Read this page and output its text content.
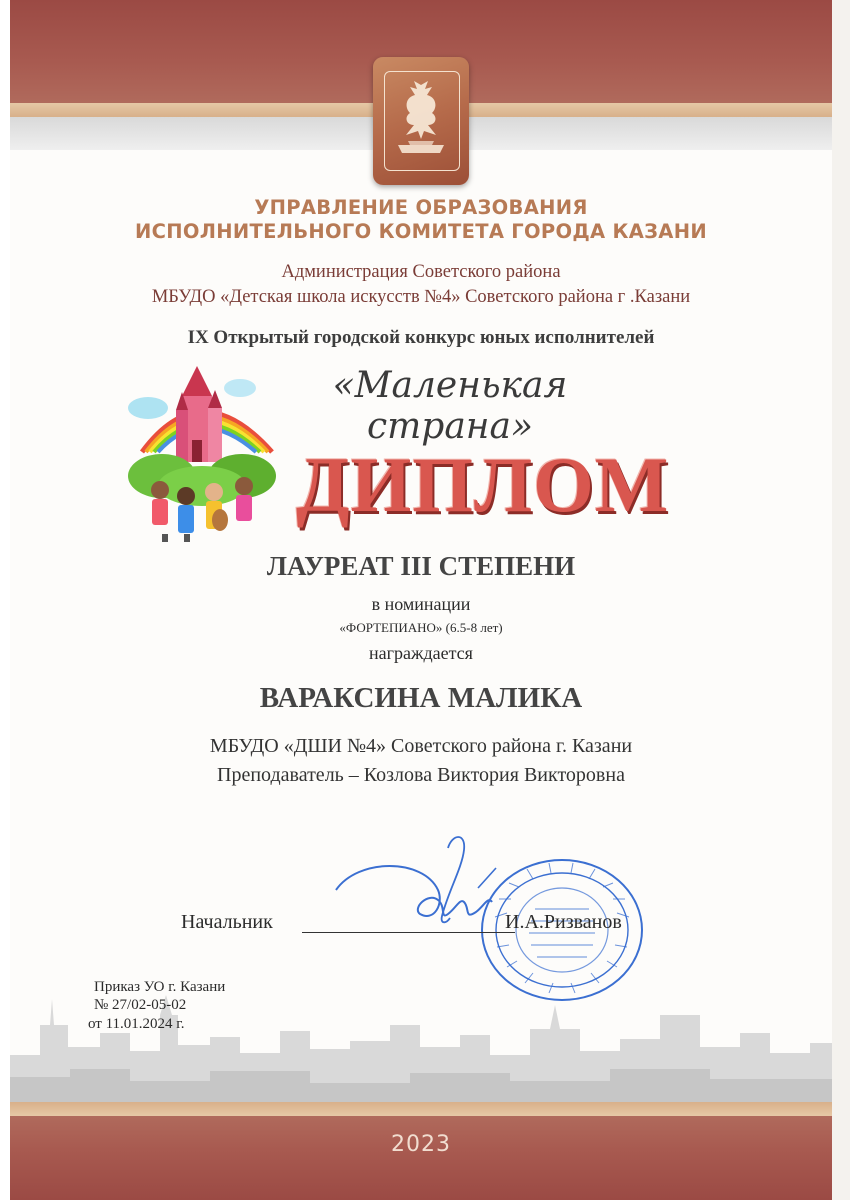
УПРАВЛЕНИЕ ОБРАЗОВАНИЯ
ИСПОЛНИТЕЛЬНОГО КОМИТЕТА ГОРОДА КАЗАНИ
Администрация Советского района
МБУДО «Детская школа искусств №4» Советского района г .Казани
IX Открытый городской конкурс юных исполнителей
«Маленькая страна»
ДИПЛОМ
ЛАУРЕАТ III СТЕПЕНИ
в номинации
«ФОРТЕПИАНО» (6.5-8 лет)
награждается
ВАРАКСИНА МАЛИКА
МБУДО «ДШИ №4» Советского района г. Казани
Преподаватель – Козлова Виктория Викторовна
Начальник	И.А.Ризванов
Приказ УО г. Казани
№ 27/02-05-02
от 11.01.2024 г.
2023
